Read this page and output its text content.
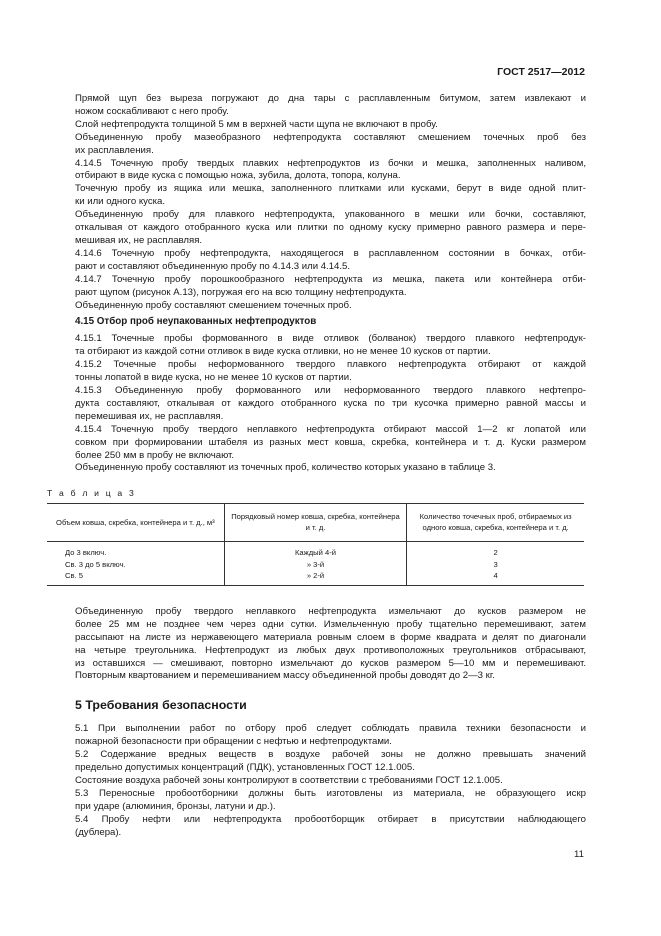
ГОСТ 2517—2012
Прямой щуп без выреза погружают до дна тары с расплавленным битумом, затем извлекают и
ножом соскабливают с него пробу.
Слой нефтепродукта толщиной 5 мм в верхней части щупа не включают в пробу.
Объединенную пробу мазеобразного нефтепродукта составляют смешением точечных проб без
их расплавления.
4.14.5 Точечную пробу твердых плавких нефтепродуктов из бочки и мешка, заполненных наливом,
отбирают в виде куска с помощью ножа, зубила, долота, топора, колуна.
Точечную пробу из ящика или мешка, заполненного плитками или кусками, берут в виде одной плит-
ки или одного куска.
Объединенную пробу для плавкого нефтепродукта, упакованного в мешки или бочки, составляют,
откалывая от каждого отобранного куска или плитки по одному куску примерно равного размера и пере-
мешивая их, не расплавляя.
4.14.6 Точечную пробу нефтепродукта, находящегося в расплавленном состоянии в бочках, отби-
рают и составляют объединенную пробу по 4.14.3 или 4.14.5.
4.14.7 Точечную пробу порошкообразного нефтепродукта из мешка, пакета или контейнера отби-
рают щупом (рисунок А.13), погружая его на всю толщину нефтепродукта.
Объединенную пробу составляют смешением точечных проб.
4.15 Отбор проб неупакованных нефтепродуктов
4.15.1 Точечные пробы формованного в виде отливок (болванок) твердого плавкого нефтепродук-
та отбирают из каждой сотни отливок в виде куска отливки, но не менее 10 кусков от партии.
4.15.2 Точечные пробы неформованного твердого плавкого нефтепродукта отбирают от каждой
тонны лопатой в виде куска, но не менее 10 кусков от партии.
4.15.3 Объединенную пробу формованного или неформованного твердого плавкого нефтепро-
дукта составляют, откалывая от каждого отобранного куска по три кусочка примерно равной массы и
перемешивая их, не расплавляя.
4.15.4 Точечную пробу твердого неплавкого нефтепродукта отбирают массой 1—2 кг лопатой или
совком при формировании штабеля из разных мест ковша, скребка, контейнера и т. д. Куски размером
более 250 мм в пробу не включают.
Объединенную пробу составляют из точечных проб, количество которых указано в таблице 3.
Т а б л и ц а 3
Объем ковша, скребка, контейнера и т. д., м³	Порядковый номер ковша, скребка, контейнера и т. д.	Количество точечных проб, отбираемых из одного ковша, скребка, контейнера и т. д.
До 3 включ.	Каждый 4-й	2
Св. 3 до 5 включ.	» 3-й	3
Св. 5	» 2-й	4
Объединенную пробу твердого неплавкого нефтепродукта измельчают до кусков размером не
более 25 мм не позднее чем через одни сутки. Измельченную пробу тщательно перемешивают, затем
рассыпают на листе из нержавеющего материала ровным слоем в форме квадрата и делят по диагонали
на четыре треугольника. Нефтепродукт из любых двух противоположных треугольников отбрасывают,
из оставшихся — смешивают, повторно измельчают до кусков размером 5—10 мм и перемешивают.
Повторным квартованием и перемешиванием массу объединенной пробы доводят до 2—3 кг.
5 Требования безопасности
5.1 При выполнении работ по отбору проб следует соблюдать правила техники безопасности и
пожарной безопасности при обращении с нефтью и нефтепродуктами.
5.2 Содержание вредных веществ в воздухе рабочей зоны не должно превышать значений
предельно допустимых концентраций (ПДК), установленных ГОСТ 12.1.005.
Состояние воздуха рабочей зоны контролируют в соответствии с требованиями ГОСТ 12.1.005.
5.3 Переносные пробоотборники должны быть изготовлены из материала, не образующего искр
при ударе (алюминия, бронзы, латуни и др.).
5.4 Пробу нефти или нефтепродукта пробоотборщик отбирает в присутствии наблюдающего
(дублера).
11
